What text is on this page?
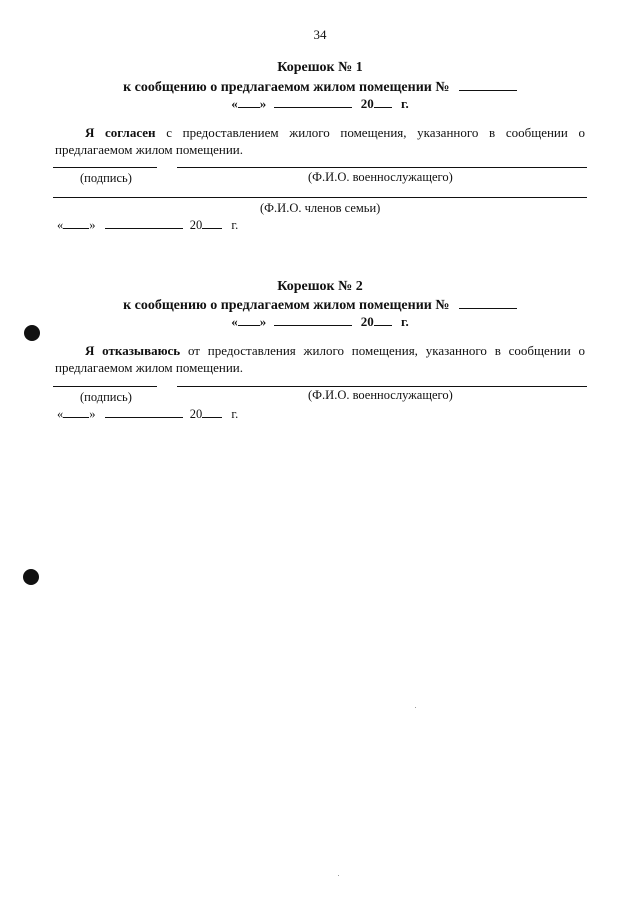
34
Корешок № 1
к сообщению о предлагаемом жилом помещении №
« »	20 г.
Я согласен с предоставлением жилого помещения, указанного в сообщении о предлагаемом жилом помещении.
(подпись)	(Ф.И.О. военнослужащего)
(Ф.И.О. членов семьи)
« »	20 г.
Корешок № 2
к сообщению о предлагаемом жилом помещении №
« »	20 г.
Я отказываюсь от предоставления жилого помещения, указанного в сообщении о предлагаемом жилом помещении.
(подпись)	(Ф.И.О. военнослужащего)
« »	20 г.
